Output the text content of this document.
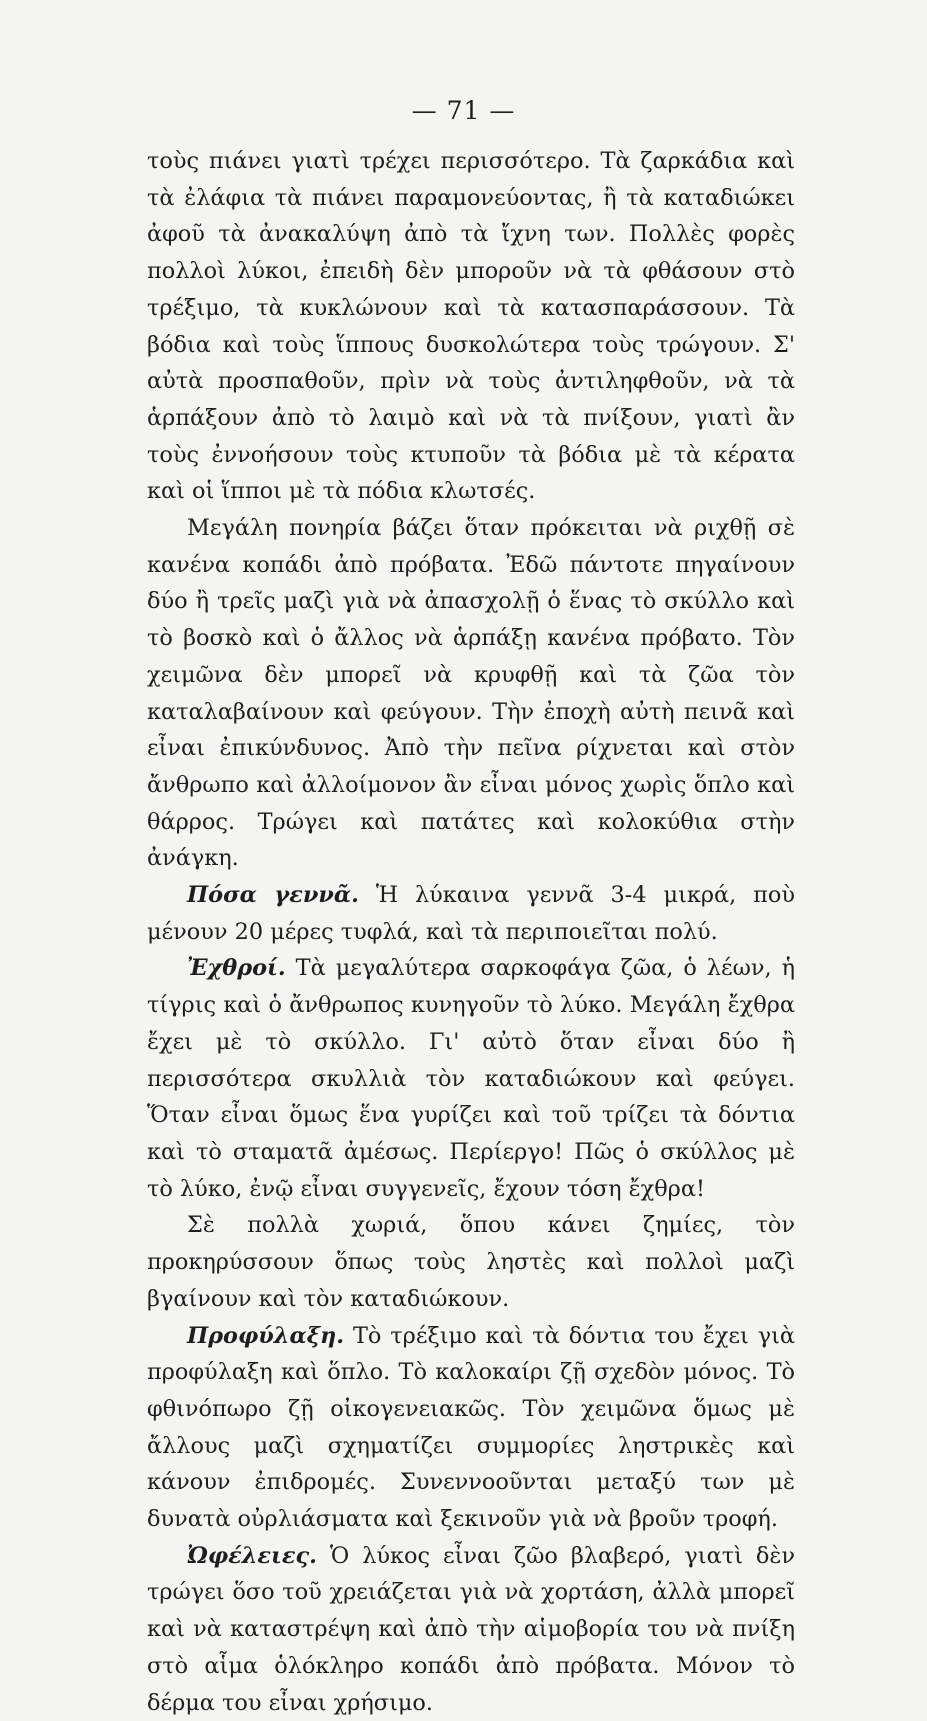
— 71 —

τοὺς πιάνει γιατὶ τρέχει περισσότερο. Τὰ ζαρκάδια καὶ τὰ ἐλάφια τὰ πιάνει παραμονεύοντας, ἢ τὰ καταδιώκει ἀφοῦ τὰ ἀνακαλύψη ἀπὸ τὰ ἴχνη των. Πολλὲς φορὲς πολλοὶ λύκοι, ἐπειδὴ δὲν μποροῦν νὰ τὰ φθάσουν στὸ τρέξιμο, τὰ κυκλώνουν καὶ τὰ κατασπαράσσουν. Τὰ βόδια καὶ τοὺς ἵππους δυσκολώτερα τοὺς τρώγουν. Σ' αὐτὰ προσπαθοῦν, πρὶν νὰ τοὺς ἀντιληφθοῦν, νὰ τὰ ἁρπάξουν ἀπὸ τὸ λαιμὸ καὶ νὰ τὰ πνίξουν, γιατὶ ἂν τοὺς ἐννοήσουν τοὺς κτυποῦν τὰ βόδια μὲ τὰ κέρατα καὶ οἱ ἵπποι μὲ τὰ πόδια κλωτσές.

Μεγάλη πονηρία βάζει ὅταν πρόκειται νὰ ριχθῇ σὲ κανένα κοπάδι ἀπὸ πρόβατα. Ἐδῶ πάντοτε πηγαίνουν δύο ἢ τρεῖς μαζὶ γιὰ νὰ ἀπασχολῇ ὁ ἕνας τὸ σκύλλο καὶ τὸ βοσκὸ καὶ ὁ ἄλλος νὰ ἁρπάξῃ κανένα πρόβατο. Τὸν χειμῶνα δὲν μπορεῖ νὰ κρυφθῇ καὶ τὰ ζῶα τὸν καταλαβαίνουν καὶ φεύγουν. Τὴν ἐποχὴ αὐτὴ πεινᾶ καὶ εἶναι ἐπικύνδυνος. Ἀπὸ τὴν πεῖνα ρίχνεται καὶ στὸν ἄνθρωπο καὶ ἀλλοίμονον ἂν εἶναι μόνος χωρὶς ὅπλο καὶ θάρρος. Τρώγει καὶ πατάτες καὶ κολοκύθια στὴν ἀνάγκη.

Πόσα γεννᾶ. Ἡ λύκαινα γεννᾶ 3-4 μικρά, ποὺ μένουν 20 μέρες τυφλά, καὶ τὰ περιποιεῖται πολύ.

Ἐχθροί. Τὰ μεγαλύτερα σαρκοφάγα ζῶα, ὁ λέων, ἡ τίγρις καὶ ὁ ἄνθρωπος κυνηγοῦν τὸ λύκο. Μεγάλη ἔχθρα ἔχει μὲ τὸ σκύλλο. Γι' αὐτὸ ὅταν εἶναι δύο ἢ περισσότερα σκυλλιὰ τὸν καταδιώκουν καὶ φεύγει. Ὅταν εἶναι ὅμως ἕνα γυρίζει καὶ τοῦ τρίζει τὰ δόντια καὶ τὸ σταματᾶ ἀμέσως. Περίεργο! Πῶς ὁ σκύλλος μὲ τὸ λύκο, ἐνῷ εἶναι συγγενεῖς, ἔχουν τόση ἔχθρα!

Σὲ πολλὰ χωριά, ὅπου κάνει ζημίες, τὸν προκηρύσσουν ὅπως τοὺς ληστὲς καὶ πολλοὶ μαζὶ βγαίνουν καὶ τὸν καταδιώκουν.

Προφύλαξη. Τὸ τρέξιμο καὶ τὰ δόντια του ἔχει γιὰ προφύλαξη καὶ ὅπλο. Τὸ καλοκαίρι ζῇ σχεδὸν μόνος. Τὸ φθινόπωρο ζῇ οἰκογενειακῶς. Τὸν χειμῶνα ὅμως μὲ ἄλλους μαζὶ σχηματίζει συμμορίες ληστρικὲς καὶ κάνουν ἐπιδρομές. Συνεννοοῦνται μεταξύ των μὲ δυνατὰ οὐρλιάσματα καὶ ξεκινοῦν γιὰ νὰ βροῦν τροφή.

Ὠφέλειες. Ὁ λύκος εἶναι ζῶο βλαβερό, γιατὶ δὲν τρώγει ὅσο τοῦ χρειάζεται γιὰ νὰ χορτάση, ἀλλὰ μπορεῖ καὶ νὰ καταστρέψη καὶ ἀπὸ τὴν αἱμοβορία του νὰ πνίξη στὸ αἷμα ὁλόκληρο κοπάδι ἀπὸ πρόβατα. Μόνον τὸ δέρμα του εἶναι χρήσιμο.
